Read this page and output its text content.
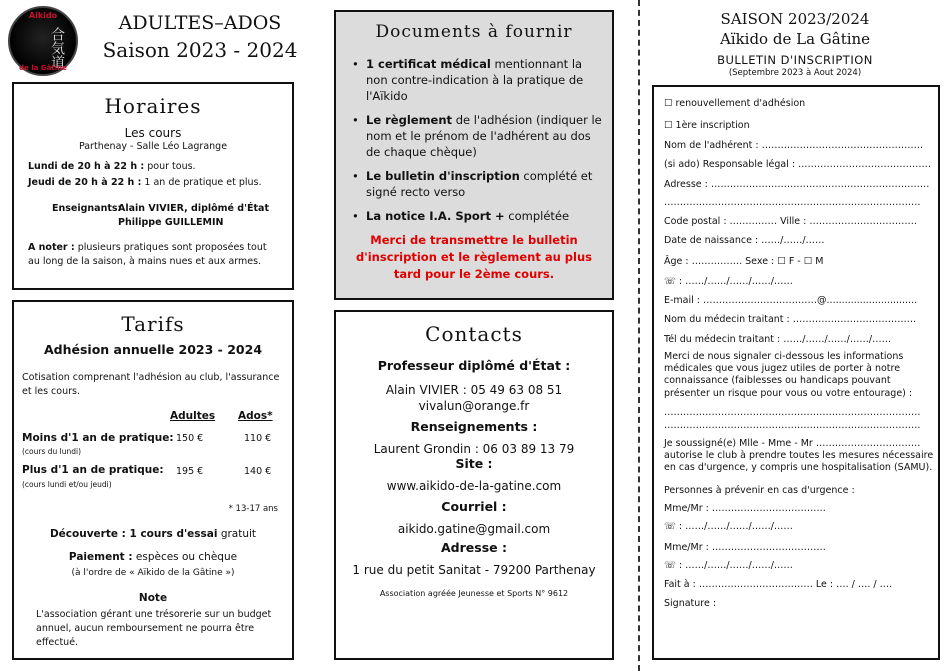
Aikido
合気道
de la Gâtine
ADULTES–ADOS
Saison 2023 - 2024
Horaires
Les cours
Parthenay - Salle Léo Lagrange
Lundi de 20 h à 22 h : pour tous.
Jeudi de 20 h à 22 h : 1 an de pratique et plus.
Enseignants:
Alain VIVIER, diplômé d'État
Philippe GUILLEMIN
A noter : plusieurs pratiques sont proposées tout au long de la saison, à mains nues et aux armes.
Tarifs
Adhésion annuelle 2023 - 2024
Cotisation comprenant l'adhésion au club, l'assurance et les cours.
Adultes Ados*
Moins d'1 an de pratique:
(cours du lundi)
150 €	110 €
Plus d'1 an de pratique:
(cours lundi et/ou jeudi)
195 €	140 €
* 13-17 ans
Découverte : 1 cours d'essai gratuit
Paiement : espèces ou chèque
(à l'ordre de « Aïkido de la Gâtine »)
Note
L'association gérant une trésorerie sur un budget annuel, aucun remboursement ne pourra être effectué.
Documents à fournir
• 1 certificat médical mentionnant la non contre-indication à la pratique de l'Aïkido
• Le règlement de l'adhésion (indiquer le nom et le prénom de l'adhérent au dos de chaque chèque)
• Le bulletin d'inscription complété et signé recto verso
• La notice I.A. Sport + complétée
Merci de transmettre le bulletin d'inscription et le règlement au plus tard pour le 2ème cours.
Contacts
Professeur diplômé d'État :
Alain VIVIER : 05 49 63 08 51
vivalun@orange.fr
Renseignements :
Laurent Grondin : 06 03 89 13 79
Site :
www.aikido-de-la-gatine.com
Courriel :
aikido.gatine@gmail.com
Adresse :
1 rue du petit Sanitat - 79200 Parthenay
Association agréée Jeunesse et Sports N° 9612
SAISON 2023/2024
Aïkido de La Gâtine
BULLETIN D'INSCRIPTION
(Septembre 2023 à Aout 2024)
☐ renouvellement d'adhésion
☐ 1ère inscription
Nom de l'adhérent : ……………………………………………
(si ado) Responsable légal : ……………………………………
Adresse : ……………………………………………………………
………………………………………………………………………
Code postal : …………… Ville : …………………………….
Date de naissance : ……/……/……
Âge : ……………. Sexe : ☐ F - ☐ M
☏ : ……/……/……/……/……
E-mail : ………………………………@..............................
Nom du médecin traitant : …………………………………
Tél du médecin traitant : ……/……/……/……/……
Merci de nous signaler ci-dessous les informations médicales que vous jugez utiles de porter à notre connaissance (faiblesses ou handicaps pouvant présenter un risque pour vous ou votre entourage) :
………………………………………………………………………
………………………………………………………………………
Je soussigné(e) Mlle - Mme - Mr …………………………… autorise le club à prendre toutes les mesures nécessaire en cas d'urgence, y compris une hospitalisation (SAMU).
Personnes à prévenir en cas d'urgence :
Mme/Mr : ………………………………
☏ : ……/……/……/……/……
Mme/Mr : ………………………………
☏ : ……/……/……/……/……
Fait à : ……………………………… Le : …. / …. / ….
Signature :
